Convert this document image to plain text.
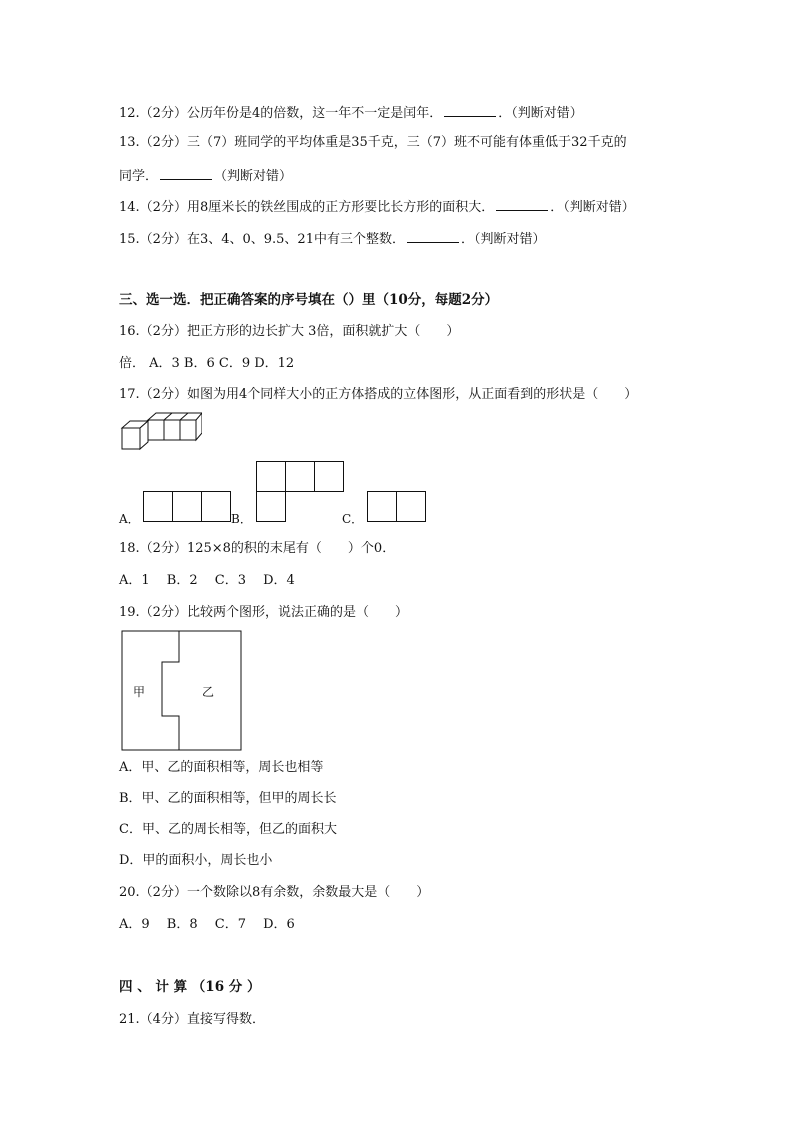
12.（2分）公历年份是4的倍数，这一年不一定是闰年．	．（判断对错）
13.（2分）三（7）班同学的平均体重是35千克，三（7）班不可能有体重低于32千克的
同学．	（判断对错）
14.（2分）用8厘米长的铁丝围成的正方形要比长方形的面积大．	．（判断对错）
15.（2分）在3、4、0、9.5、21中有三个整数．	．（判断对错）
三、选一选．把正确答案的序号填在（）里（10分，每题2分）
16.（2分）把正方形的边长扩大 3倍，面积就扩大（　　）
倍． A．3 B．6 C．9 D．12
17.（2分）如图为用4个同样大小的正方体搭成的立体图形，从正面看到的形状是（　　）
A．	B．	C．
18.（2分）125×8的积的末尾有（　　）个0．
A．1　 B．2　 C．3　 D．4
19.（2分）比较两个图形，说法正确的是（　　）
甲	乙
A．甲、乙的面积相等，周长也相等
B．甲、乙的面积相等，但甲的周长长
C．甲、乙的周长相等，但乙的面积大
D．甲的面积小，周长也小
20.（2分）一个数除以8有余数，余数最大是（　　）
A．9　 B．8　 C．7　 D．6
四 、 计 算 （16 分 ）
21.（4分）直接写得数．
